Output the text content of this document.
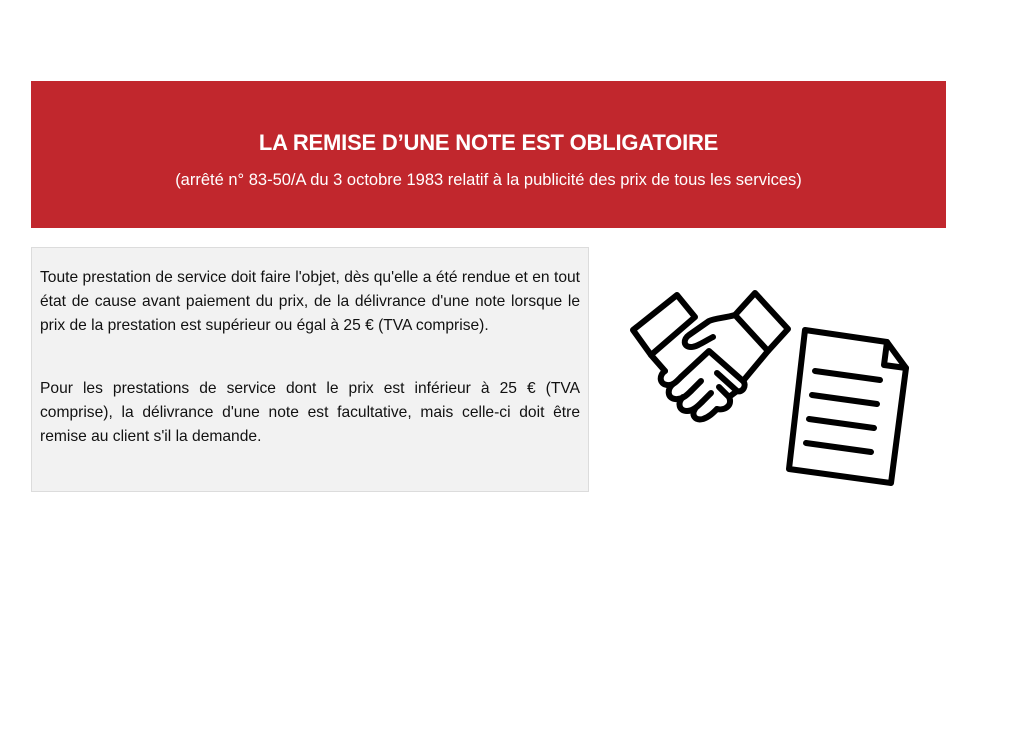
LA REMISE D’UNE NOTE EST OBLIGATOIRE
(arrêté n° 83-50/A du 3 octobre 1983 relatif à la publicité des prix de tous les services)

Toute prestation de service doit faire l'objet, dès qu'elle a été rendue et en tout état de cause avant paiement du prix, de la délivrance d'une note lorsque le prix de la prestation est supérieur ou égal à 25 € (TVA comprise).

Pour les prestations de service dont le prix est inférieur à 25 € (TVA comprise), la délivrance d'une note est facultative, mais celle-ci doit être remise au client s'il la demande.
